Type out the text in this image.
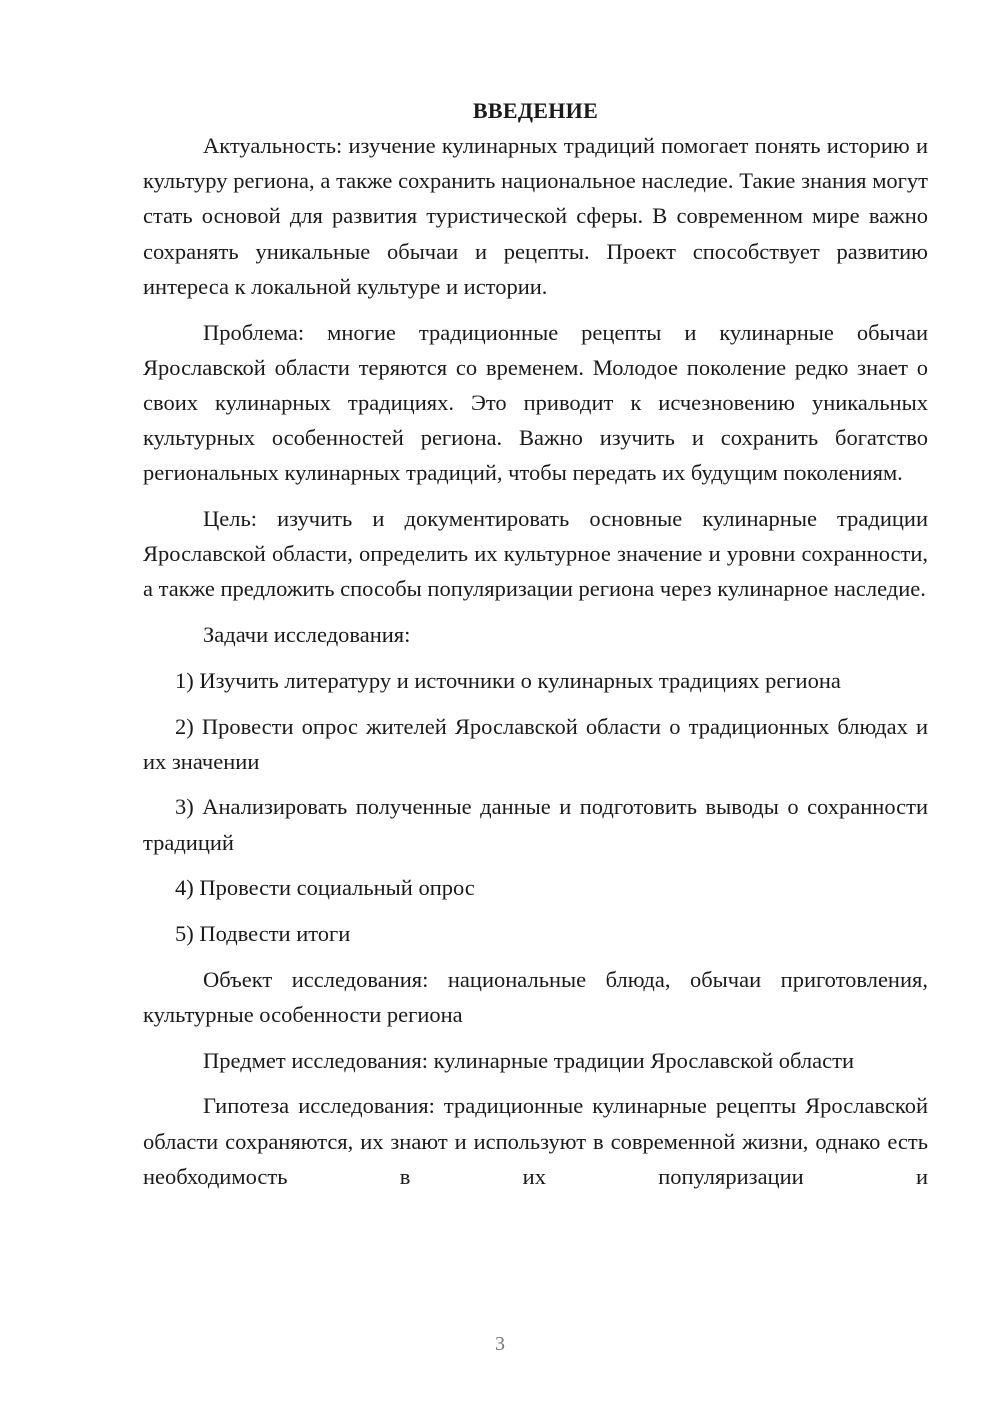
ВВЕДЕНИЕ

Актуальность: изучение кулинарных традиций помогает понять историю и культуру региона, а также сохранить национальное наследие. Такие знания могут стать основой для развития туристической сферы. В современном мире важно сохранять уникальные обычаи и рецепты. Проект способствует развитию интереса к локальной культуре и истории.

Проблема: многие традиционные рецепты и кулинарные обычаи Ярославской области теряются со временем. Молодое поколение редко знает о своих кулинарных традициях. Это приводит к исчезновению уникальных культурных особенностей региона. Важно изучить и сохранить богатство региональных кулинарных традиций, чтобы передать их будущим поколениям.

Цель: изучить и документировать основные кулинарные традиции Ярославской области, определить их культурное значение и уровни сохранности, а также предложить способы популяризации региона через кулинарное наследие.

Задачи исследования:

1) Изучить литературу и источники о кулинарных традициях региона

2) Провести опрос жителей Ярославской области о традиционных блюдах и их значении

3) Анализировать полученные данные и подготовить выводы о сохранности традиций

4) Провести социальный опрос

5) Подвести итоги

Объект исследования: национальные блюда, обычаи приготовления, культурные особенности региона

Предмет исследования: кулинарные традиции Ярославской области

Гипотеза исследования: традиционные кулинарные рецепты Ярославской области сохраняются, их знают и используют в современной жизни, однако есть необходимость в их популяризации и

3
